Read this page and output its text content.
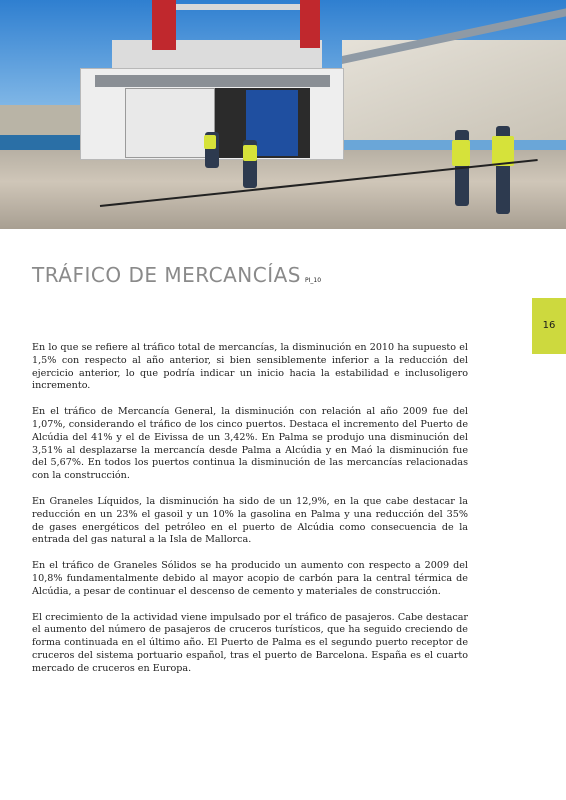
TRÁFICO DE MERCANCÍAS PI_10
16

En lo que se refiere al tráfico total de mercancías, la disminución en 2010 ha supuesto el 1,5% con respecto al año anterior, si bien sensiblemente inferior a la reducción del ejercicio anterior, lo que podría indicar un inicio hacia la estabilidad e inclusoligero incremento.

En el tráfico de Mercancía General, la disminución con relación al año 2009 fue del 1,07%, considerando el tráfico de los cinco puertos. Destaca el incremento del Puerto de Alcúdia del 41% y el de Eivissa de un 3,42%. En Palma se produjo una disminución del 3,51% al desplazarse la mercancía desde Palma a Alcúdia y en Maó la disminución fue del 5,67%. En todos los puertos continua la disminución de las mercancías relacionadas con la construcción.

En Graneles Líquidos, la disminución ha sido de un 12,9%, en la que cabe destacar la reducción en un 23% el gasoil y un 10% la gasolina en Palma y una reducción del 35% de gases energéticos del petróleo en el puerto de Alcúdia como consecuencia de la entrada del gas natural a la Isla de Mallorca.

En el tráfico de Graneles Sólidos se ha producido un aumento con respecto a 2009 del 10,8% fundamentalmente debido al mayor acopio de carbón para la central térmica de Alcúdia, a pesar de continuar el descenso de cemento y materiales de construcción.

El crecimiento de la actividad viene impulsado por el tráfico de pasajeros. Cabe destacar el aumento del número de pasajeros de cruceros turísticos, que ha seguido creciendo de forma continuada en el último año. El Puerto de Palma es el segundo puerto receptor de cruceros del sistema portuario español, tras el puerto de Barcelona. España es el cuarto mercado de cruceros en Europa.
